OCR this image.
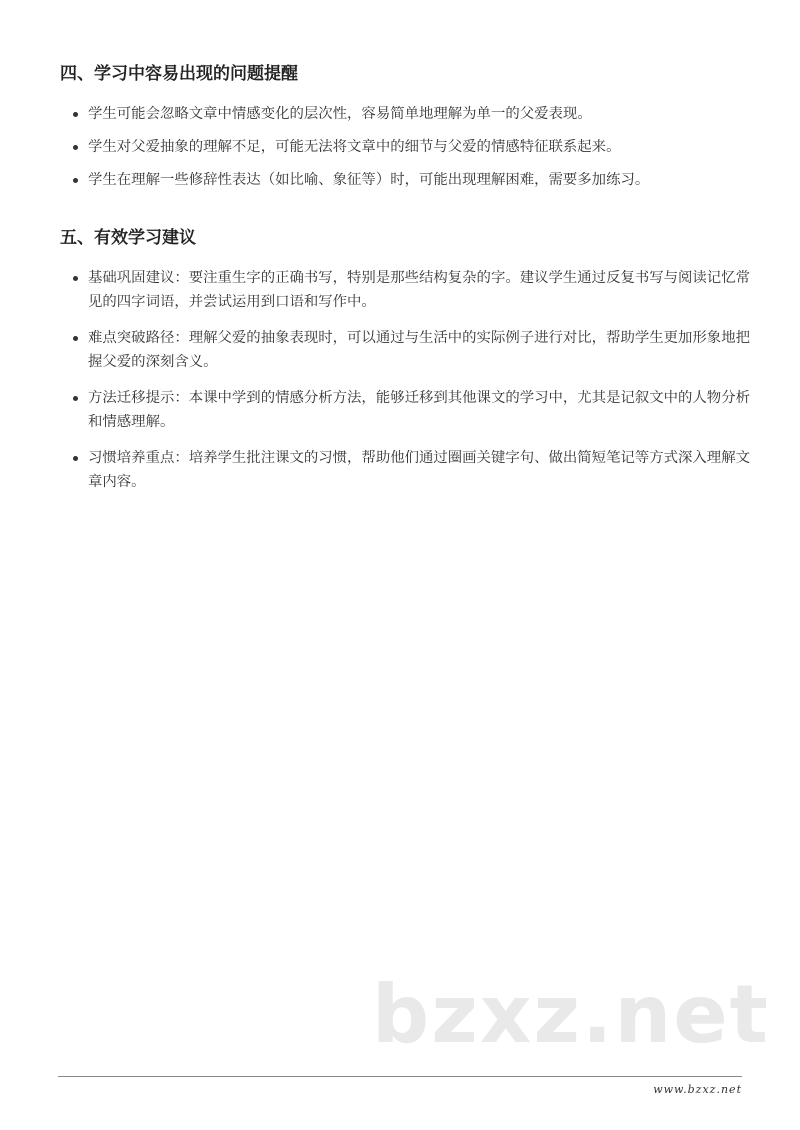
四、学习中容易出现的问题提醒
学生可能会忽略文章中情感变化的层次性，容易简单地理解为单一的父爱表现。
学生对父爱抽象的理解不足，可能无法将文章中的细节与父爱的情感特征联系起来。
学生在理解一些修辞性表达（如比喻、象征等）时，可能出现理解困难，需要多加练习。
五、有效学习建议
基础巩固建议：要注重生字的正确书写，特别是那些结构复杂的字。建议学生通过反复书写与阅读记忆常见的四字词语，并尝试运用到口语和写作中。
难点突破路径：理解父爱的抽象表现时，可以通过与生活中的实际例子进行对比，帮助学生更加形象地把握父爱的深刻含义。
方法迁移提示：本课中学到的情感分析方法，能够迁移到其他课文的学习中，尤其是记叙文中的人物分析和情感理解。
习惯培养重点：培养学生批注课文的习惯，帮助他们通过圈画关键字句、做出简短笔记等方式深入理解文章内容。
bzxz.net
www.bzxz.net
